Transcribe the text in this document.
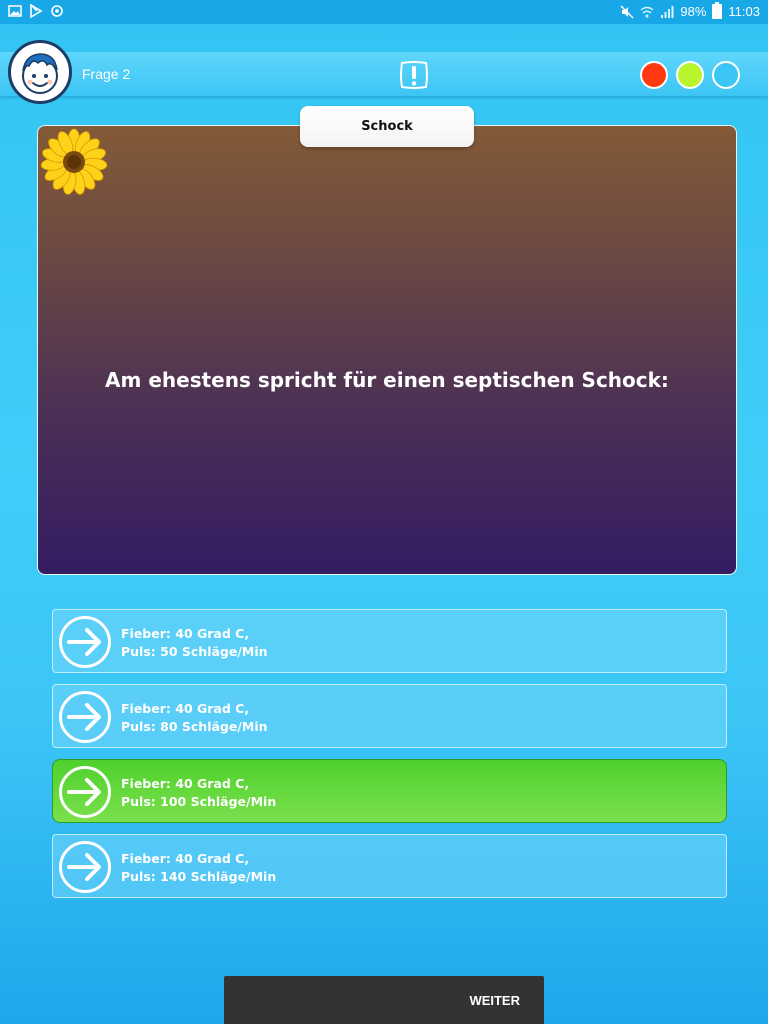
98% 11:03
Frage 2
Schock
Am ehestens spricht für einen septischen Schock:
Fieber: 40 Grad C,
Puls: 50 Schläge/Min
Fieber: 40 Grad C,
Puls: 80 Schläge/Min
Fieber: 40 Grad C,
Puls: 100 Schläge/Min
Fieber: 40 Grad C,
Puls: 140 Schläge/Min
WEITER
